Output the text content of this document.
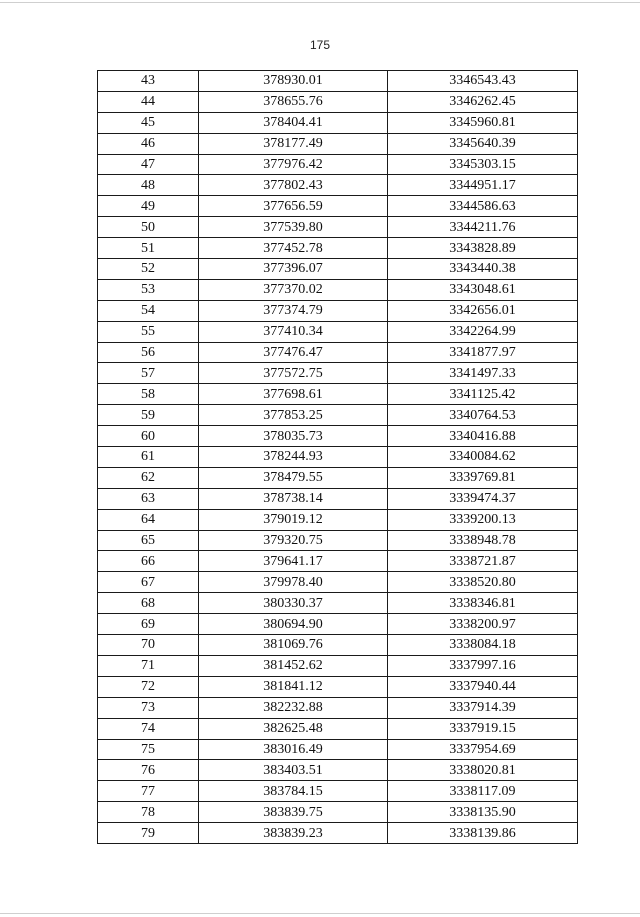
175
43	378930.01	3346543.43
44	378655.76	3346262.45
45	378404.41	3345960.81
46	378177.49	3345640.39
47	377976.42	3345303.15
48	377802.43	3344951.17
49	377656.59	3344586.63
50	377539.80	3344211.76
51	377452.78	3343828.89
52	377396.07	3343440.38
53	377370.02	3343048.61
54	377374.79	3342656.01
55	377410.34	3342264.99
56	377476.47	3341877.97
57	377572.75	3341497.33
58	377698.61	3341125.42
59	377853.25	3340764.53
60	378035.73	3340416.88
61	378244.93	3340084.62
62	378479.55	3339769.81
63	378738.14	3339474.37
64	379019.12	3339200.13
65	379320.75	3338948.78
66	379641.17	3338721.87
67	379978.40	3338520.80
68	380330.37	3338346.81
69	380694.90	3338200.97
70	381069.76	3338084.18
71	381452.62	3337997.16
72	381841.12	3337940.44
73	382232.88	3337914.39
74	382625.48	3337919.15
75	383016.49	3337954.69
76	383403.51	3338020.81
77	383784.15	3338117.09
78	383839.75	3338135.90
79	383839.23	3338139.86
